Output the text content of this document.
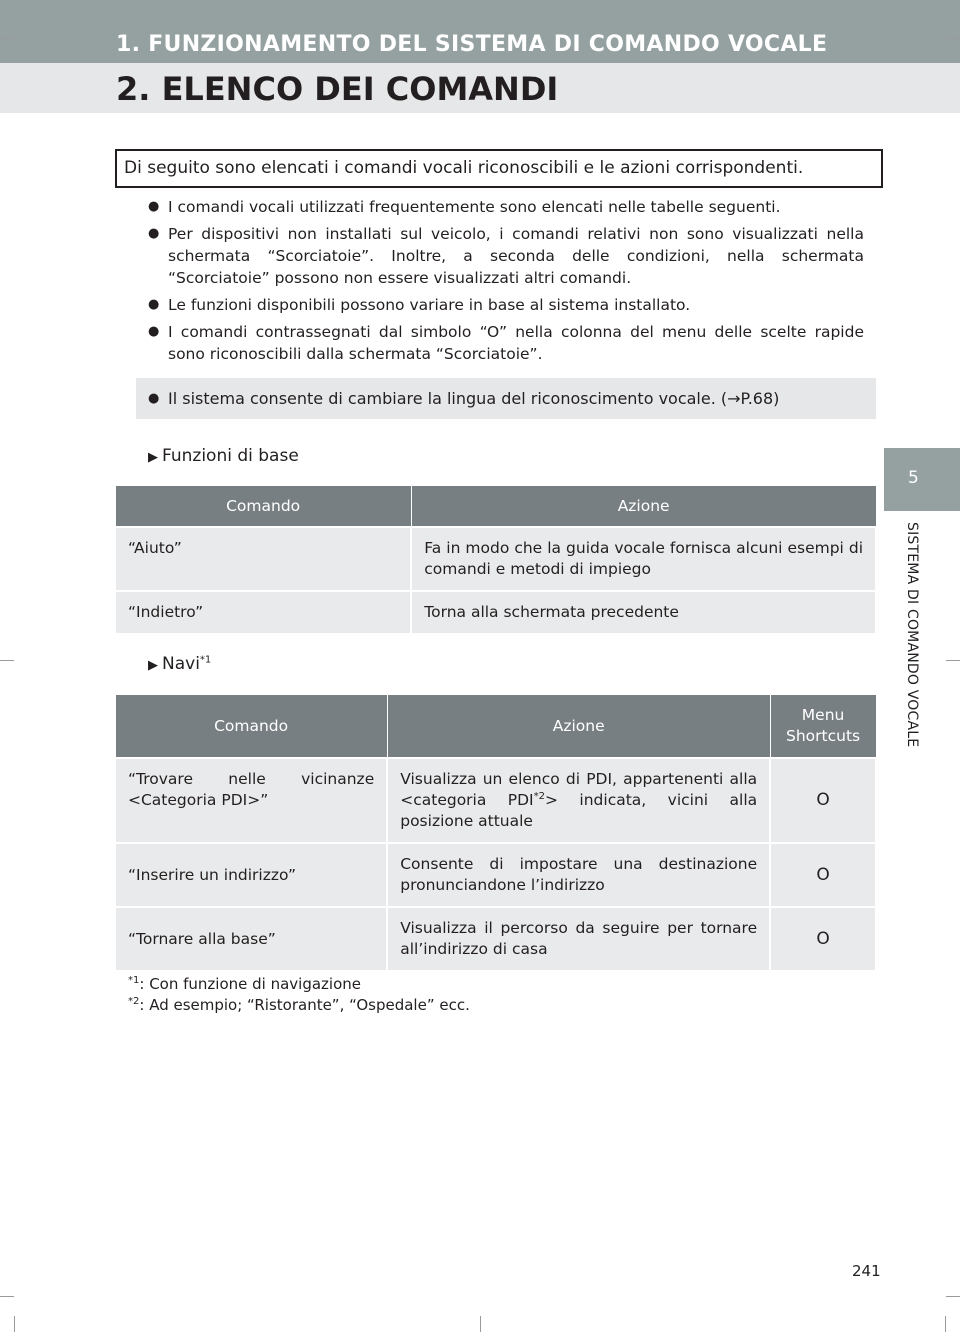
1. FUNZIONAMENTO DEL SISTEMA DI COMANDO VOCALE
2. ELENCO DEI COMANDI
5
SISTEMA DI COMANDO VOCALE
Di seguito sono elencati i comandi vocali riconoscibili e le azioni corrispondenti.
● I comandi vocali utilizzati frequentemente sono elencati nelle tabelle seguenti.
● Per dispositivi non installati sul veicolo, i comandi relativi non sono visualizzati nella schermata “Scorciatoie”. Inoltre, a seconda delle condizioni, nella schermata “Scorciatoie” possono non essere visualizzati altri comandi.
● Le funzioni disponibili possono variare in base al sistema installato.
● I comandi contrassegnati dal simbolo “O” nella colonna del menu delle scelte rapide sono riconoscibili dalla schermata “Scorciatoie”.
● Il sistema consente di cambiare la lingua del riconoscimento vocale. (→P.68)
▶ Funzioni di base
Comando	Azione
“Aiuto”	Fa in modo che la guida vocale fornisca alcuni esempi di comandi e metodi di impiego
“Indietro”	Torna alla schermata precedente
▶ Navi$^{*1}$
Comando	Azione	Menu
Shortcuts
“Trovare nelle vicinanze <Categoria PDI>”	Visualizza un elenco di PDI, appartenenti alla <categoria $PDI^{*2}>$ indicata, vicini alla posizione attuale	O
“Inserire un indirizzo”	Consente di impostare una destinazione pronunciandone l’indirizzo	O
“Tornare alla base”	Visualizza il percorso da seguire per tornare all’indirizzo di casa	O
$^{*1}$: Con funzione di navigazione
$^{*2}$: Ad esempio; “Ristorante”, “Ospedale” ecc.
241
